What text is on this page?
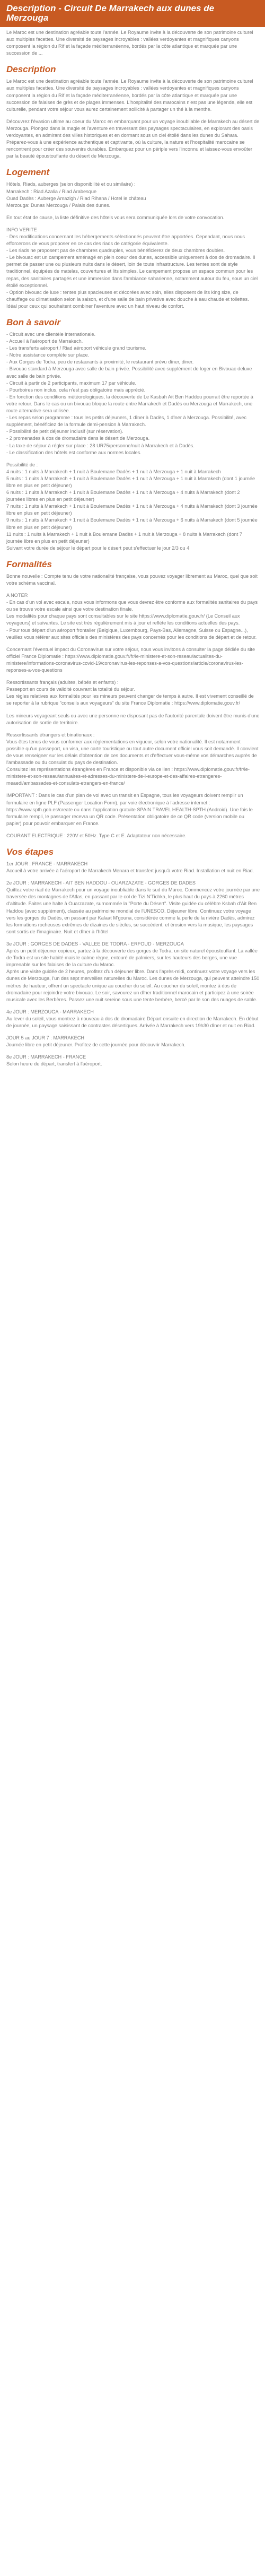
Description - Circuit De Marrakech aux dunes de Merzouga

Le Maroc est une destination agréable toute l'année. Le Royaume invite à la découverte de son patrimoine culturel aux multiples facettes. Une diversité de paysages incroyables : vallées verdoyantes et magnifiques canyons composent la région du Rif et la façade méditerranéenne, bordés par la côte atlantique et marquée par une succession de ...

Description

Le Maroc est une destination agréable toute l'année. Le Royaume invite à la découverte de son patrimoine culturel aux multiples facettes. Une diversité de paysages incroyables : vallées verdoyantes et magnifiques canyons composent la région du Rif et la façade méditerranéenne, bordés par la côte atlantique et marquée par une succession de falaises de grès et de plages immenses. L'hospitalité des marocains n'est pas une légende, elle est culturelle, pendant votre séjour vous aurez certainement sollicité à partager un thé à la menthe.

Découvrez l'évasion ultime au coeur du Maroc en embarquant pour un voyage inoubliable de Marrakech au désert de Merzouga. Plongez dans la magie et l'aventure en traversant des paysages spectaculaires, en explorant des oasis verdoyantes, en admirant des villes historiques et en dormant sous un ciel étoilé dans les dunes du Sahara. Préparez-vous à une expérience authentique et captivante, où la culture, la nature et l'hospitalité marocaine se rencontrent pour créer des souvenirs durables. Embarquez pour un périple vers l'inconnu et laissez-vous envoûter par la beauté époustouflante du désert de Merzouga.

Logement

Hôtels, Riads, auberges (selon disponibilité et ou similaire) :
Marrakech : Riad Azalia / Riad Arabesque
Ouad Dadès : Auberge Amazigh / Riad Rihana / Hotel le château
Merzouga: Dunas Merzouga / Palais des dunes.

En tout état de cause, la liste définitive des hôtels vous sera communiquée lors de votre convocation.

INFO VERITE
- Des modifications concernant les hébergements sélectionnés peuvent être apportées. Cependant, nous nous efforcerons de vous proposer en ce cas des riads de catégorie équivalente.
- Les riads ne proposent pas de chambres quadruples, vous bénéficierez de deux chambres doubles.
- Le bivouac est un campement aménagé en plein coeur des dunes, accessible uniquement à dos de dromadaire. Il permet de passer une ou plusieurs nuits dans le désert, loin de toute infrastructure. Les tentes sont de style traditionnel, équipées de matelas, couvertures et lits simples. Le campement propose un espace commun pour les repas, des sanitaires partagés et une immersion dans l'ambiance saharienne, notamment autour du feu, sous un ciel étoilé exceptionnel.
- Option bivouac de luxe : tentes plus spacieuses et décorées avec soin, elles disposent de lits king size, de chauffage ou climatisation selon la saison, et d'une salle de bain privative avec douche à eau chaude et toilettes. Idéal pour ceux qui souhaitent combiner l'aventure avec un haut niveau de confort.

Bon à savoir

- Circuit avec une clientèle internationale.
- Accueil à l'aéroport de Marrakech.
- Les transferts aéroport / Riad aéroport véhicule grand tourisme.
- Notre assistance complète sur place.
- Aux Gorges de Todra, peu de restaurants à proximité, le restaurant prévu dîner, diner.
- Bivouac standard à Merzouga avec salle de bain privée. Possibilité avec supplément de loger en Bivouac deluxe avec salle de bain privée.
- Circuit à partir de 2 participants, maximum 17 par véhicule.
- Pourboires non inclus, cela n'est pas obligatoire mais apprécié.
- En fonction des conditions météorologiques, la découverte de Le Kasbah Ait Ben Haddou pourrait être reportée à votre retour. Dans le cas ou un bivouac bloque la route entre Marrakech et Dadès ou Merzouga et Marrakech, une route alternative sera utilisée.
- Les repas selon programme : tous les petits déjeuners, 1 dîner à Dadès, 1 dîner à Merzouga. Possibilité, avec supplément, bénéficiez de la formule demi-pension à Marrakech.
- Possibilité de petit déjeuner inclusif (sur réservation).
- 2 promenades à dos de dromadaire dans le désert de Merzouga.
- La taxe de séjour à régler sur place : 28 UR75/personne/nuit à Marrakech et à Dadès.
- Le classification des hôtels est conforme aux normes locales.

Possibilité de :
4 nuits : 1 nuits à Marrakech + 1 nuit à Boulemane Dadès + 1 nuit à Merzouga + 1 nuit à Marrakech
5 nuits : 1 nuits à Marrakech + 1 nuit à Boulemane Dadès + 1 nuit à Merzouga + 1 nuit à Marrakech (dont 1 journée libre en plus en petit déjeuner)
6 nuits : 1 nuits à Marrakech + 1 nuit à Boulemane Dadès + 1 nuit à Merzouga + 4 nuits à Marrakech (dont 2 journées libres en plus en petit déjeuner)
7 nuits : 1 nuits à Marrakech + 1 nuit à Boulemane Dadès + 1 nuit à Merzouga + 4 nuits à Marrakech (dont 3 journée libre en plus en petit déjeuner)
9 nuits : 1 nuits à Marrakech + 1 nuit à Boulemane Dadès + 1 nuit à Merzouga + 6 nuits à Marrakech (dont 5 journée libre en plus en petit déjeuner)
11 nuits : 1 nuits à Marrakech + 1 nuit à Boulemane Dadès + 1 nuit à Merzouga + 8 nuits à Marrakech (dont 7 journée libre en plus en petit déjeuner)
Suivant votre durée de séjour le départ pour le désert peut s'effectuer le jour 2/3 ou 4

Formalités

Bonne nouvelle : Compte tenu de votre nationalité française, vous pouvez voyager librement au Maroc, quel que soit votre schéma vaccinal.

A NOTER
- En cas d'un vol avec escale, nous vous informons que vous devrez être conforme aux formalités sanitaires du pays ou se trouve votre escale ainsi que votre destination finale.
Les modalités pour chaque pays sont consultables sur le site https://www.diplomatie.gouv.fr/ (Le Conseil aux voyageurs) et suivantes. Le site est très régulièrement mis à jour et reflète les conditions actuelles des pays.
- Pour tous départ d'un aéroport frontalier (Belgique, Luxembourg, Pays-Bas, Allemagne, Suisse ou Espagne...), veuillez vous référer aux sites officiels des ministères des pays concernés pour les conditions de départ et de retour.

Concernant l'éventuel impact du Coronavirus sur votre séjour, nous vous invitons à consulter la page dédiée du site officiel France Diplomatie : https://www.diplomatie.gouv.fr/fr/le-ministere-et-son-reseau/actualites-du-ministere/informations-coronavirus-covid-19/coronavirus-les-reponses-a-vos-questions/article/coronavirus-les-reponses-a-vos-questions

Ressortissants français (adultes, bébés et enfants) :
Passeport en cours de validité couvrant la totalité du séjour.
Les règles relatives aux formalités pour les mineurs peuvent changer de temps à autre. Il est vivement conseillé de se reporter à la rubrique "conseils aux voyageurs" du site France Diplomatie : https://www.diplomatie.gouv.fr/

Les mineurs voyageant seuls ou avec une personne ne disposant pas de l'autorité parentale doivent être munis d'une autorisation de sortie de territoire.

Ressortissants étrangers et binationaux :
Vous êtes tenus de vous conformer aux réglementations en vigueur, selon votre nationalité. Il est notamment possible qu'un passeport, un visa, une carte touristique ou tout autre document officiel vous soit demandé. Il convient de vous renseigner sur les délais d'obtention de ces documents et d'effectuer vous-même vos démarches auprès de l'ambassade ou du consulat du pays de destination.
Consultez les représentations étrangères en France et disponible via ce lien : https://www.diplomatie.gouv.fr/fr/le-ministere-et-son-reseau/annuaires-et-adresses-du-ministere-de-l-europe-et-des-affaires-etrangeres-meaedi/ambassades-et-consulats-etrangers-en-france/

IMPORTANT : Dans le cas d'un plan de vol avec un transit en Espagne, tous les voyageurs doivent remplir un formulaire en ligne PLF (Passenger Location Form), par voie électronique à l'adresse internet : https://www.spth.gob.es/create ou dans l'application gratuite SPAIN TRAVEL HEALTH-SPTH (Android). Une fois le formulaire rempli, le passager recevra un QR code. Présentation obligatoire de ce QR code (version mobile ou papier) pour pouvoir embarquer en France.

COURANT ELECTRIQUE : 220V et 50Hz. Type C et E. Adaptateur non nécessaire.

Vos étapes
1er JOUR : FRANCE - MARRAKECH
Accueil à votre arrivée à l'aéroport de Marrakech Menara et transfert jusqu'à votre Riad. Installation et nuit en Riad.
2e JOUR : MARRAKECH - AIT BEN HADDOU - OUARZAZATE - GORGES DE DADES
Quittez votre riad de Marrakech pour un voyage inoubliable dans le sud du Maroc. Commencez votre journée par une traversée des montagnes de l'Atlas, en passant par le col de Tizi N'Tichka, le plus haut du pays à 2260 mètres d'altitude. Faites une halte à Ouarzazate, surnommée la "Porte du Désert". Visite guidée du célèbre Ksbah d'Ait Ben Haddou (avec supplément), classée au patrimoine mondial de l'UNESCO. Déjeuner libre. Continuez votre voyage vers les gorges du Dadès, en passant par Kalaat M'gouna, considérée comme la perle de la rivière Dadès, admirez les formations rocheuses extrêmes de dizaines de siècles, se succèdent, et érosion vers la musique, les paysages sont sortis de l'imaginaire. Nuit et dîner à l'hôtel
3e JOUR : GORGES DE DADES - VALLEE DE TODRA - ERFOUD - MERZOUGA
Après un petit déjeuner copieux, partez à la découverte des gorges de Todra, un site naturel époustouflant. La vallée de Todra est un site habité mais le calme règne, entouré de palmiers, sur les hauteurs des berges, une vue imprenable sur les falaises de la culture du Maroc.
Après une visite guidée de 2 heures, profitez d'un déjeuner libre. Dans l'après-midi, continuez votre voyage vers les dunes de Merzouga, l'un des sept merveilles naturelles du Maroc. Les dunes de Merzouga, qui peuvent atteindre 150 mètres de hauteur, offrent un spectacle unique au coucher du soleil. Au coucher du soleil, montez à dos de dromadaire pour rejoindre votre bivouac. Le soir, savourez un dîner traditionnel marocain et participez à une soirée musicale avec les Berbères. Passez une nuit sereine sous une tente berbère, bercé par le son des nuages de sable.
4e JOUR : MERZOUGA - MARRAKECH
Au lever du soleil, vous montrez à nouveau à dos de dromadaire Départ ensuite en direction de Marrakech. En début de journée, un paysage saisissant de contrastes désertiques. Arrivée à Marrakech vers 19h30 dîner et nuit en Riad.
JOUR 5 au JOUR 7 : MARRAKECH
Journée libre en petit déjeuner. Profitez de cette journée pour découvrir Marrakech.
8e JOUR : MARRAKECH - FRANCE
Selon heure de départ, transfert à l'aéroport.
